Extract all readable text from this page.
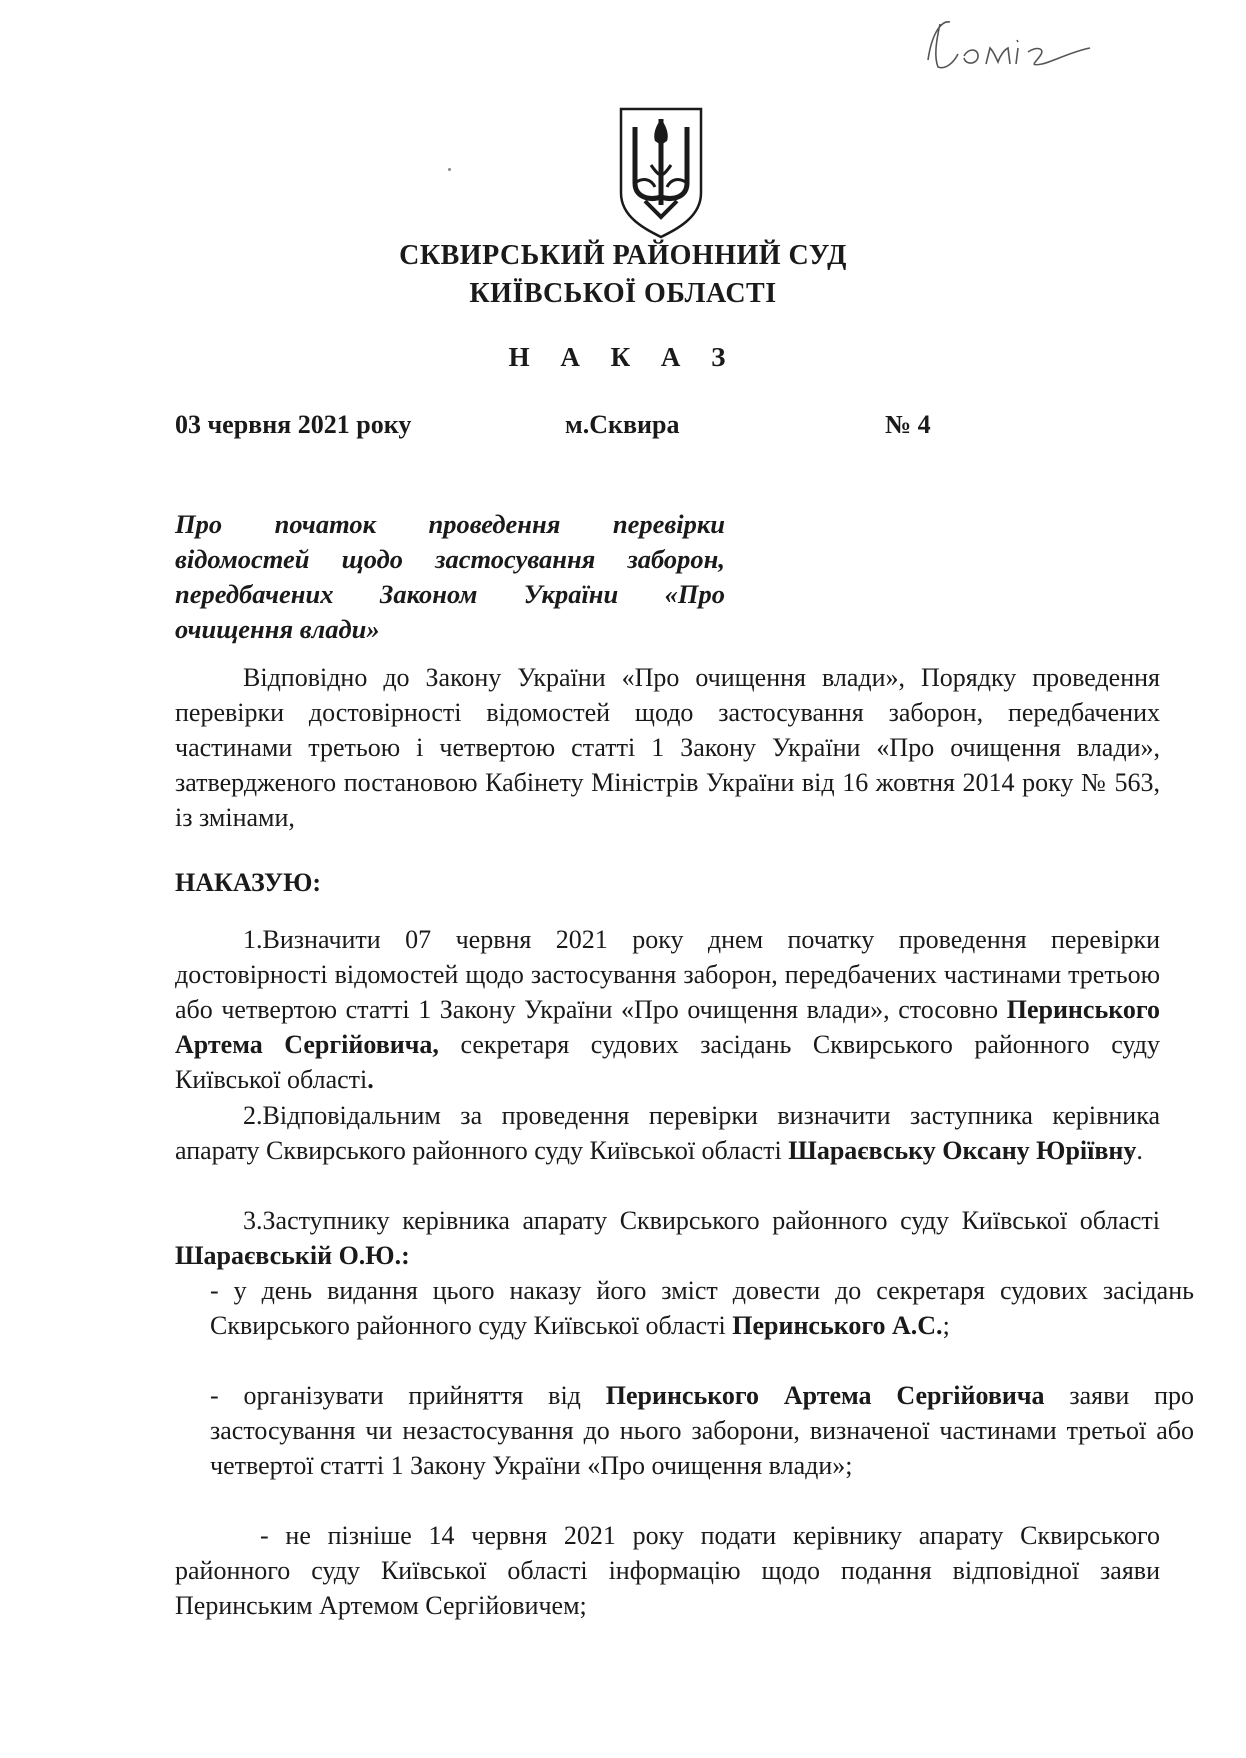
СКВИРСЬКИЙ РАЙОННИЙ СУД
КИЇВСЬКОЇ ОБЛАСТІ
Н А К А З
03 червня 2021 року	м.Сквира	№ 4
Про початок проведення перевірки
відомостей щодо застосування заборон,
передбачених Законом України «Про
очищення влади»
Відповідно до Закону України «Про очищення влади», Порядку проведення перевірки достовірності відомостей щодо застосування заборон, передбачених частинами третьою і четвертою статті 1 Закону України «Про очищення влади», затвердженого постановою Кабінету Міністрів України від 16 жовтня 2014 року № 563, із змінами,
НАКАЗУЮ:
1.Визначити 07 червня 2021 року днем початку проведення перевірки достовірності відомостей щодо застосування заборон, передбачених частинами третьою або четвертою статті 1 Закону України «Про очищення влади», стосовно Перинського Артема Сергійовича, секретаря судових засідань Сквирського районного суду Київської області.
2.Відповідальним за проведення перевірки визначити заступника керівника апарату Сквирського районного суду Київської області Шараєвську Оксану Юріївну.
3.Заступнику керівника апарату Сквирського районного суду Київської області Шараєвській О.Ю.:
- у день видання цього наказу його зміст довести до секретаря судових засідань Сквирського районного суду Київської області Перинського А.С.;
- організувати прийняття від Перинського Артема Сергійовича заяви про застосування чи незастосування до нього заборони, визначеної частинами третьої або четвертої статті 1 Закону України «Про очищення влади»;
- не пізніше 14 червня 2021 року подати керівнику апарату Сквирського районного суду Київської області інформацію щодо подання відповідної заяви Перинським Артемом Сергійовичем;
